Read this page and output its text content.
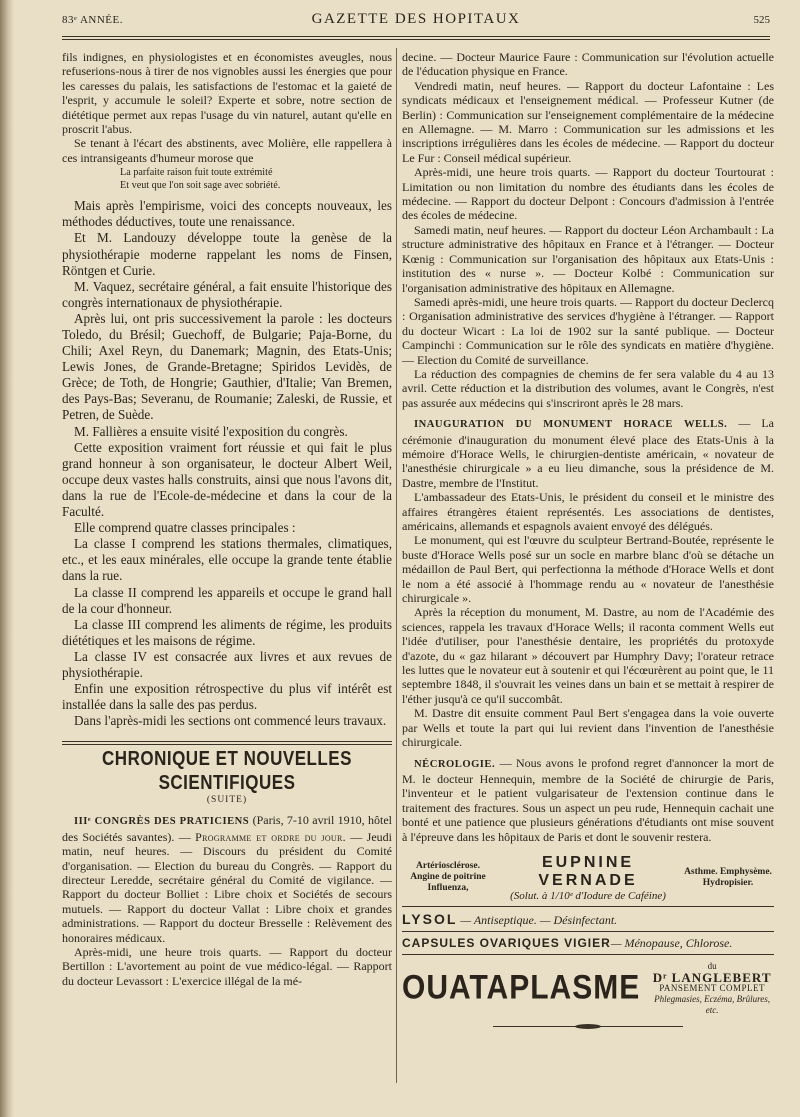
83ᵉ ANNÉE.	GAZETTE DES HOPITAUX	525

fils indignes, en physiologistes et en économistes aveugles, nous refuserions-nous à tirer de nos vignobles aussi les énergies que pour les caresses du palais, les satisfactions de l'estomac et la gaieté de l'esprit, y accumule le soleil? Experte et sobre, notre section de diététique permet aux repas l'usage du vin naturel, autant qu'elle en proscrit l'abus.

Se tenant à l'écart des abstinents, avec Molière, elle rappellera à ces intransigeants d'humeur morose que

La parfaite raison fuit toute extrémité
Et veut que l'on soit sage avec sobriété.

Mais après l'empirisme, voici des concepts nouveaux, les méthodes déductives, toute une renaissance.

Et M. Landouzy développe toute la genèse de la physiothérapie moderne rappelant les noms de Finsen, Röntgen et Curie.

M. Vaquez, secrétaire général, a fait ensuite l'historique des congrès internationaux de physiothérapie.

Après lui, ont pris successivement la parole : les docteurs Toledo, du Brésil; Guechoff, de Bulgarie; Paja-Borne, du Chili; Axel Reyn, du Danemark; Magnin, des Etats-Unis; Lewis Jones, de Grande-Bretagne; Spiridos Levidès, de Grèce; de Toth, de Hongrie; Gauthier, d'Italie; Van Bremen, des Pays-Bas; Severanu, de Roumanie; Zaleski, de Russie, et Petren, de Suède.

M. Fallières a ensuite visité l'exposition du congrès.

Cette exposition vraiment fort réussie et qui fait le plus grand honneur à son organisateur, le docteur Albert Weil, occupe deux vastes halls construits, ainsi que nous l'avons dit, dans la rue de l'Ecole-de-médecine et dans la cour de la Faculté.

Elle comprend quatre classes principales :

La classe I comprend les stations thermales, climatiques, etc., et les eaux minérales, elle occupe la grande tente établie dans la rue.

La classe II comprend les appareils et occupe le grand hall de la cour d'honneur.

La classe III comprend les aliments de régime, les produits diététiques et les maisons de régime.

La classe IV est consacrée aux livres et aux revues de physiothérapie.

Enfin une exposition rétrospective du plus vif intérêt est installée dans la salle des pas perdus.

Dans l'après-midi les sections ont commencé leurs travaux.

CHRONIQUE ET NOUVELLES SCIENTIFIQUES
(SUITE)

IIIᵉ CONGRÈS DES PRATICIENS (Paris, 7-10 avril 1910, hôtel des Sociétés savantes). — Programme et ordre du jour. — Jeudi matin, neuf heures. — Discours du président du Comité d'organisation. — Election du bureau du Congrès. — Rapport du directeur Leredde, secrétaire général du Comité de vigilance. — Rapport du docteur Bolliet : Libre choix et Sociétés de secours mutuels. — Rapport du docteur Vallat : Libre choix et grandes administrations. — Rapport du docteur Bresselle : Relèvement des honoraires médicaux.

Après-midi, une heure trois quarts. — Rapport du docteur Bertillon : L'avortement au point de vue médico-légal. — Rapport du docteur Levassort : L'exercice illégal de la mé-

decine. — Docteur Maurice Faure : Communication sur l'évolution actuelle de l'éducation physique en France.

Vendredi matin, neuf heures. — Rapport du docteur Lafontaine : Les syndicats médicaux et l'enseignement médical. — Professeur Kutner (de Berlin) : Communication sur l'enseignement complémentaire de la médecine en Allemagne. — M. Marro : Communication sur les admissions et les inscriptions irrégulières dans les écoles de médecine. — Rapport du docteur Le Fur : Conseil médical supérieur.

Après-midi, une heure trois quarts. — Rapport du docteur Tourtourat : Limitation ou non limitation du nombre des étudiants dans les écoles de médecine. — Rapport du docteur Delpont : Concours d'admission à l'entrée des écoles de médecine.

Samedi matin, neuf heures. — Rapport du docteur Léon Archambault : La structure administrative des hôpitaux en France et à l'étranger. — Docteur Kœnig : Communication sur l'organisation des hôpitaux aux Etats-Unis : institution des « nurse ». — Docteur Kolbé : Communication sur l'organisation administrative des hôpitaux en Allemagne.

Samedi après-midi, une heure trois quarts. — Rapport du docteur Declercq : Organisation administrative des services d'hygiène à l'étranger. — Rapport du docteur Wicart : La loi de 1902 sur la santé publique. — Docteur Campinchi : Communication sur le rôle des syndicats en matière d'hygiène. — Election du Comité de surveillance.

La réduction des compagnies de chemins de fer sera valable du 4 au 13 avril. Cette réduction et la distribution des volumes, avant le Congrès, n'est pas assurée aux médecins qui s'inscriront après le 28 mars.

INAUGURATION DU MONUMENT HORACE WELLS. — La cérémonie d'inauguration du monument élevé place des Etats-Unis à la mémoire d'Horace Wells, le chirurgien-dentiste américain, « novateur de l'anesthésie chirurgicale » a eu lieu dimanche, sous la présidence de M. Dastre, membre de l'Institut.

L'ambassadeur des Etats-Unis, le président du conseil et le ministre des affaires étrangères étaient représentés. Les associations de dentistes, américains, allemands et espagnols avaient envoyé des délégués.

Le monument, qui est l'œuvre du sculpteur Bertrand-Boutée, représente le buste d'Horace Wells posé sur un socle en marbre blanc d'où se détache un médaillon de Paul Bert, qui perfectionna la méthode d'Horace Wells et dont le nom a été associé à l'hommage rendu au « novateur de l'anesthésie chirurgicale ».

Après la réception du monument, M. Dastre, au nom de l'Académie des sciences, rappela les travaux d'Horace Wells; il raconta comment Wells eut l'idée d'utiliser, pour l'anesthésie dentaire, les propriétés du protoxyde d'azote, du « gaz hilarant » découvert par Humphry Davy; l'orateur retrace les luttes que le novateur eut à soutenir et qui l'écœurèrent au point que, le 11 septembre 1848, il s'ouvrait les veines dans un bain et se mettait à respirer de l'éther jusqu'à ce qu'il succombât.

M. Dastre dit ensuite comment Paul Bert s'engagea dans la voie ouverte par Wells et toute la part qui lui revient dans l'invention de l'anesthésie chirurgicale.

NÉCROLOGIE. — Nous avons le profond regret d'annoncer la mort de M. le docteur Hennequin, membre de la Société de chirurgie de Paris, l'inventeur et le patient vulgarisateur de l'extension continue dans le traitement des fractures. Sous un aspect un peu rude, Hennequin cachait une bonté et une patience que plusieurs générations d'étudiants ont mise souvent à l'épreuve dans les hôpitaux de Paris et dont le souvenir restera.

Artériosclérose. Angine de poitrine Influenza,
EUPNINE VERNADE
(Solut. à 1/10ᵉ d'Iodure de Caféine)
Asthme. Emphysème. Hydropisier.
LYSOL — Antiseptique. — Désinfectant.
CAPSULES OVARIQUES VIGIER— Ménopause, Chlorose.
OUATAPLASME
du
Dʳ LANGLEBERT
PANSEMENT COMPLET
Phlegmasies, Eczéma, Brûlures, etc.
